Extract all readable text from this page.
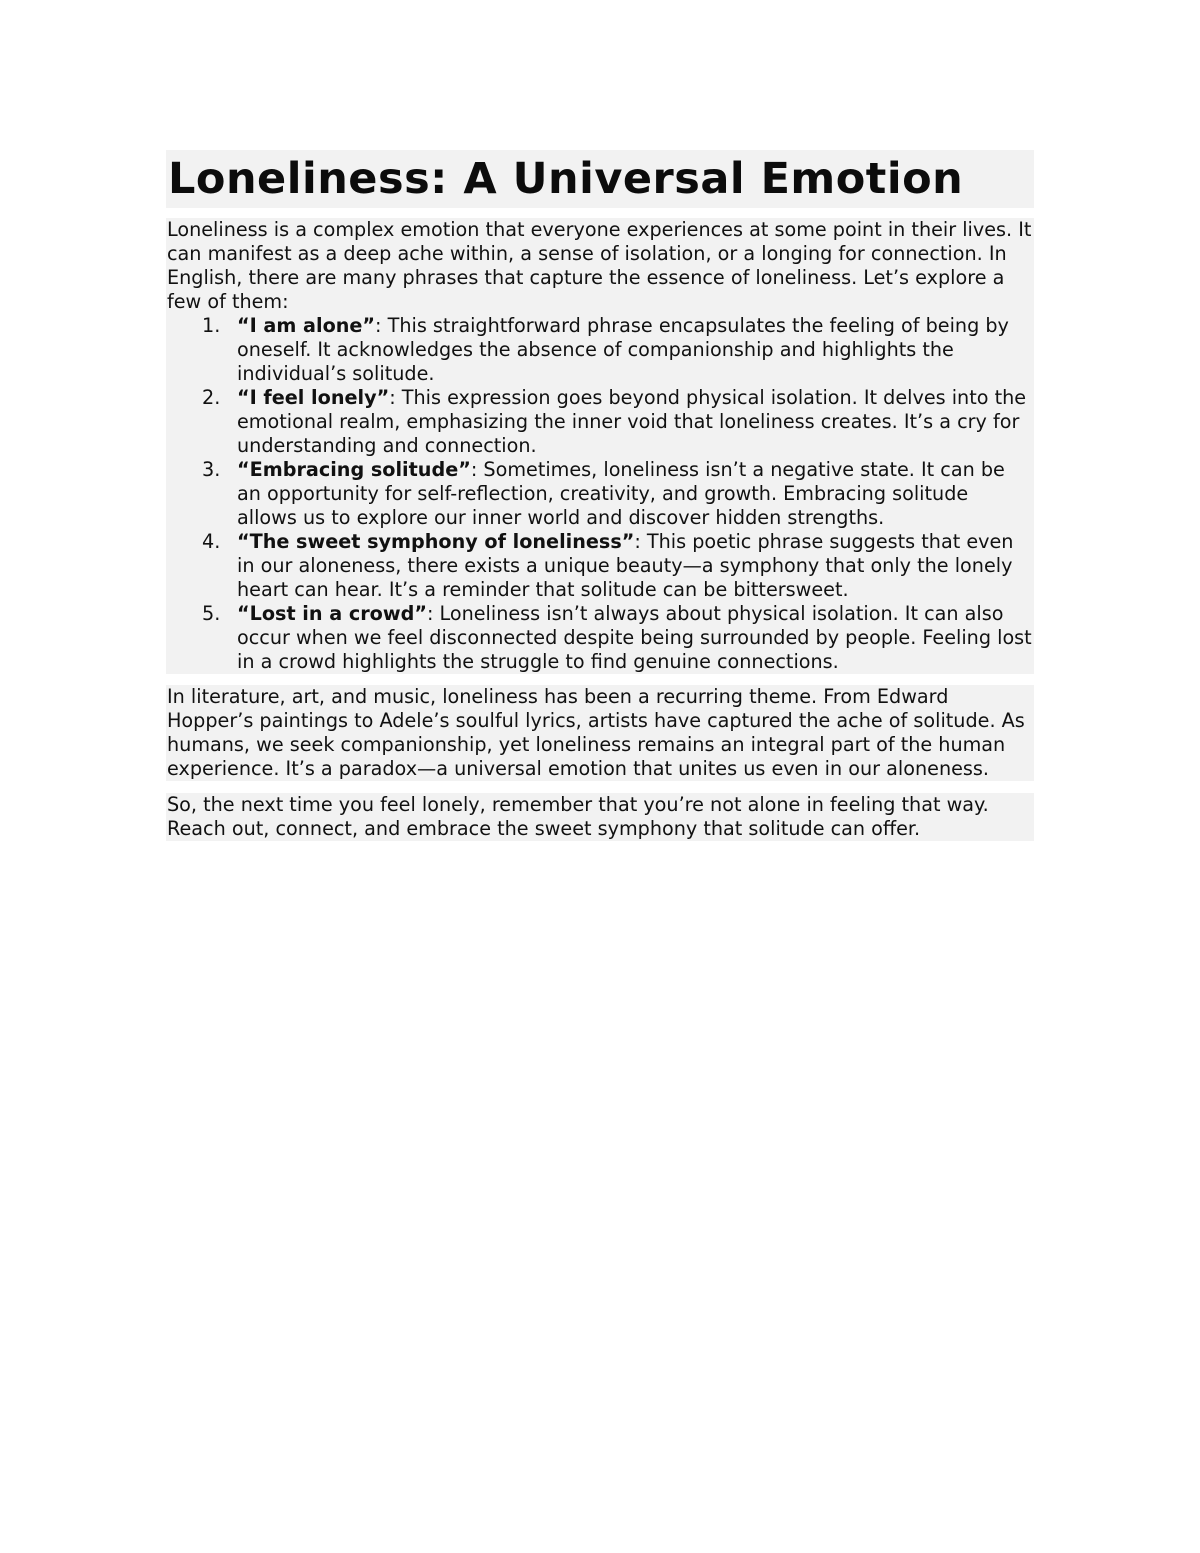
Loneliness: A Universal Emotion
Loneliness is a complex emotion that everyone experiences at some point in their lives. It can manifest as a deep ache within, a sense of isolation, or a longing for connection. In English, there are many phrases that capture the essence of loneliness. Let’s explore a few of them:
1. “I am alone”: This straightforward phrase encapsulates the feeling of being by oneself. It acknowledges the absence of companionship and highlights the individual’s solitude.
2. “I feel lonely”: This expression goes beyond physical isolation. It delves into the emotional realm, emphasizing the inner void that loneliness creates. It’s a cry for understanding and connection.
3. “Embracing solitude”: Sometimes, loneliness isn’t a negative state. It can be an opportunity for self-reflection, creativity, and growth. Embracing solitude allows us to explore our inner world and discover hidden strengths.
4. “The sweet symphony of loneliness”: This poetic phrase suggests that even in our aloneness, there exists a unique beauty—a symphony that only the lonely heart can hear. It’s a reminder that solitude can be bittersweet.
5. “Lost in a crowd”: Loneliness isn’t always about physical isolation. It can also occur when we feel disconnected despite being surrounded by people. Feeling lost in a crowd highlights the struggle to find genuine connections.
In literature, art, and music, loneliness has been a recurring theme. From Edward Hopper’s paintings to Adele’s soulful lyrics, artists have captured the ache of solitude. As humans, we seek companionship, yet loneliness remains an integral part of the human experience. It’s a paradox—a universal emotion that unites us even in our aloneness.
So, the next time you feel lonely, remember that you’re not alone in feeling that way. Reach out, connect, and embrace the sweet symphony that solitude can offer.
